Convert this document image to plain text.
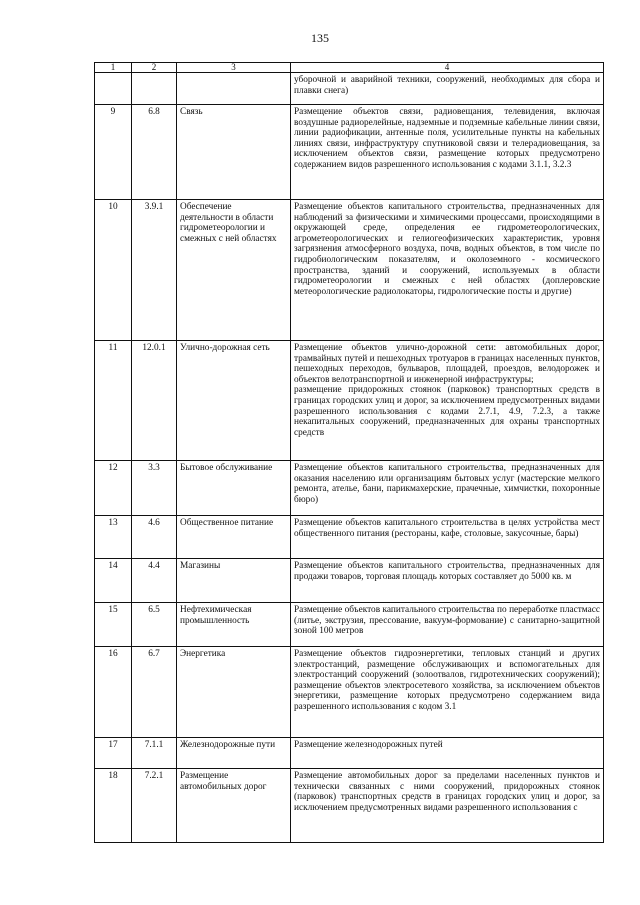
135
1	2	3	4
			уборочной и аварийной техники, сооружений, необходимых для сбора и плавки снега)
9	6.8	Связь	Размещение объектов связи, радиовещания, телевидения, включая воздушные радиорелейные, надземные и подземные кабельные линии связи, линии радиофикации, антенные поля, усилительные пункты на кабельных линиях связи, инфраструктуру спутниковой связи и телерадиовещания, за исключением объектов связи, размещение которых предусмотрено содержанием видов разрешенного использования с кодами 3.1.1, 3.2.3
10	3.9.1	Обеспечение деятельности в области гидрометеорологии и смежных с ней областях	Размещение объектов капитального строительства, предназначенных для наблюдений за физическими и химическими процессами, происходящими в окружающей среде, определения ее гидрометеорологических, агрометеорологических и гелиогеофизических характеристик, уровня загрязнения атмосферного воздуха, почв, водных объектов, в том числе по гидробиологическим показателям, и околоземного - космического пространства, зданий и сооружений, используемых в области гидрометеорологии и смежных с ней областях (доплеровские метеорологические радиолокаторы, гидрологические посты и другие)
11	12.0.1	Улично-дорожная сеть	Размещение объектов улично-дорожной сети: автомобильных дорог, трамвайных путей и пешеходных тротуаров в границах населенных пунктов, пешеходных переходов, бульваров, площадей, проездов, велодорожек и объектов велотранспортной и инженерной инфраструктуры;
размещение придорожных стоянок (парковок) транспортных средств в границах городских улиц и дорог, за исключением предусмотренных видами разрешенного использования с кодами 2.7.1, 4.9, 7.2.3, а также некапитальных сооружений, предназначенных для охраны транспортных средств
12	3.3	Бытовое обслуживание	Размещение объектов капитального строительства, предназначенных для оказания населению или организациям бытовых услуг (мастерские мелкого ремонта, ателье, бани, парикмахерские, прачечные, химчистки, похоронные бюро)
13	4.6	Общественное питание	Размещение объектов капитального строительства в целях устройства мест общественного питания (рестораны, кафе, столовые, закусочные, бары)
14	4.4	Магазины	Размещение объектов капитального строительства, предназначенных для продажи товаров, торговая площадь которых составляет до 5000 кв. м
15	6.5	Нефтехимическая промышленность	Размещение объектов капитального строительства по переработке пластмасс (литье, экструзия, прессование, вакуум-формование) с санитарно-защитной зоной 100 метров
16	6.7	Энергетика	Размещение объектов гидроэнергетики, тепловых станций и других электростанций, размещение обслуживающих и вспомогательных для электростанций сооружений (золоотвалов, гидротехнических сооружений); размещение объектов электросетевого хозяйства, за исключением объектов энергетики, размещение которых предусмотрено содержанием вида разрешенного использования с кодом 3.1
17	7.1.1	Железнодорожные пути	Размещение железнодорожных путей
18	7.2.1	Размещение автомобильных дорог	Размещение автомобильных дорог за пределами населенных пунктов и технически связанных с ними сооружений, придорожных стоянок (парковок) транспортных средств в границах городских улиц и дорог, за исключением предусмотренных видами разрешенного использования с
